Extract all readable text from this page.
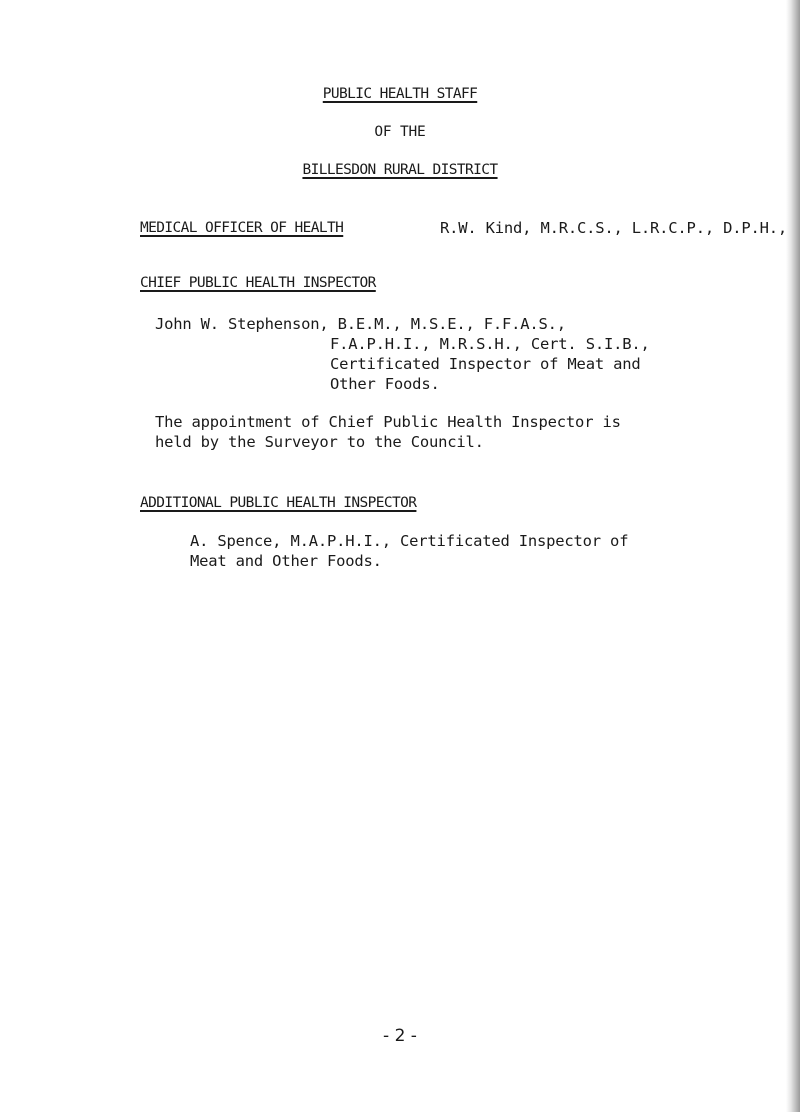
PUBLIC HEALTH STAFF
OF THE
BILLESDON RURAL DISTRICT
MEDICAL OFFICER OF HEALTH	R.W. Kind, M.R.C.S., L.R.C.P., D.P.H.,
CHIEF PUBLIC HEALTH INSPECTOR
John W. Stephenson, B.E.M., M.S.E., F.F.A.S.,
F.A.P.H.I., M.R.S.H., Cert. S.I.B.,
Certificated Inspector of Meat and
Other Foods.
The appointment of Chief Public Health Inspector is
held by the Surveyor to the Council.
ADDITIONAL PUBLIC HEALTH INSPECTOR
A. Spence, M.A.P.H.I., Certificated Inspector of
Meat and Other Foods.
- 2 -
